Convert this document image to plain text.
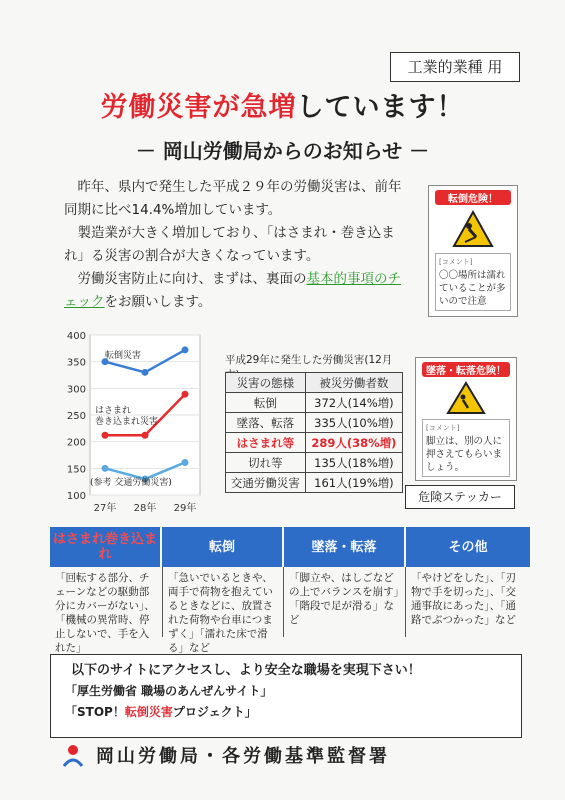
工業的業種 用
労働災害が急増しています！
－ 岡山労働局からのお知らせ －

昨年、県内で発生した平成２９年の労働災害は、前年同期に比べ14.4%増加しています。

製造業が大きく増加しており、「はさまれ・巻き込まれ」る災害の割合が大きくなっています。

労働災害防止に向け、まずは、裏面の基本的事項のチェックをお願いします。

転倒危険！
[コメント]
〇〇場所は濡れていることが多いので注意
墜落・転落危険！
[コメント]
脚立は、別の人に押さえてもらいましょう。
100
150
200
250
300
350
400
27年 28年 29年
転倒災害
はさまれ
巻き込まれ災害
(参考 交通労働災害)
平成29年に発生した労働災害(12月
災害の態様	被災労働者数
転倒	372人(14%増)
墜落、転落	335人(10%増)
はさまれ等	289人(38%増)
切れ等	135人(18%増)
交通労働災害	161人(19%増)
危険ステッカー
はさまれ巻き込まれ	転倒	墜落・転落	その他
「回転する部分、チェーンなどの駆動部分にカバーがない」、「機械の異常時、停止しないで、手を入れた」
「急いでいるときや、両手で荷物を抱えているときなどに、放置された荷物や台車につまずく」「濡れた床で滑る」など
「脚立や、はしごなどの上でバランスを崩す」「階段で足が滑る」など
「やけどをした」、「刃物で手を切った」、「交通事故にあった」、「通路でぶつかった」など
以下のサイトにアクセスし、より安全な職場を実現下さい！
「厚生労働省 職場のあんぜんサイト」
「STOP！転倒災害プロジェクト」
岡山労働局・各労働基準監督署
